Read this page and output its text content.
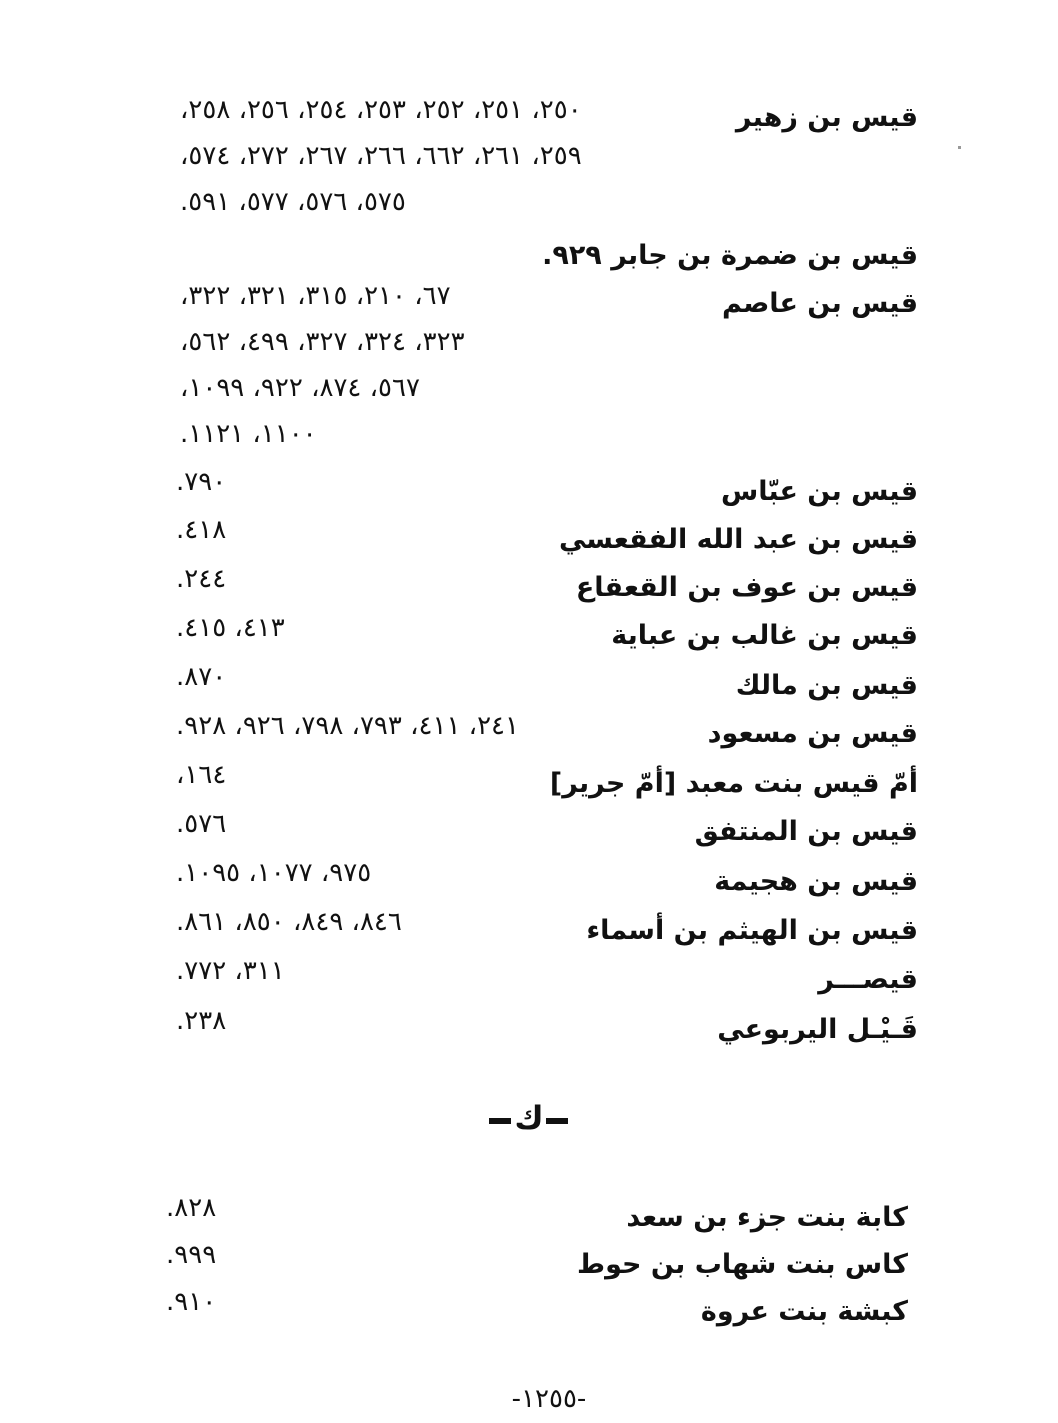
قيس بن زهير
٢٥٠، ٢٥١، ٢٥٢، ٢٥٣، ٢٥٤، ٢٥٦، ٢٥٨،
٢٥٩، ٢٦١، ٦٦٢، ٢٦٦، ٢٦٧، ٢٧٢، ٥٧٤،
٥٧٥، ٥٧٦، ٥٧٧، ٥٩١.
قيس بن ضمرة بن جابر ٩٢٩.
قيس بن عاصم
٦٧، ٢١٠، ٣١٥، ٣٢١، ٣٢٢،
٣٢٣، ٣٢٤، ٣٢٧، ٤٩٩، ٥٦٢،
٥٦٧، ٨٧٤، ٩٢٢، ١٠٩٩،
١١٠٠، ١١٢١.
قيس بن عبّاس
٧٩٠.
قيس بن عبد الله الفقعسي
٤١٨.
قيس بن عوف بن القعقاع
٢٤٤.
قيس بن غالب بن عباية
٤١٣، ٤١٥.
قيس بن مالك
٨٧٠.
قيس بن مسعود
٢٤١، ٤١١، ٧٩٣، ٧٩٨، ٩٢٦، ٩٢٨.
أمّ قيس بنت معبد [أمّ جرير]
١٦٤،
قيس بن المنتفق
٥٧٦.
قيس بن هجيمة
٩٧٥، ١٠٧٧، ١٠٩٥.
قيس بن الهيثم بن أسماء
٨٤٦، ٨٤٩، ٨٥٠، ٨٦١.
قيصـــر
٣١١، ٧٧٢.
قَـيْـل اليربوعي
٢٣٨.
ك
كابة بنت جزء بن سعد
٨٢٨.
كاس بنت شهاب بن حوط
٩٩٩.
كبشة بنت عروة
٩١٠.
-١٢٥٥-
